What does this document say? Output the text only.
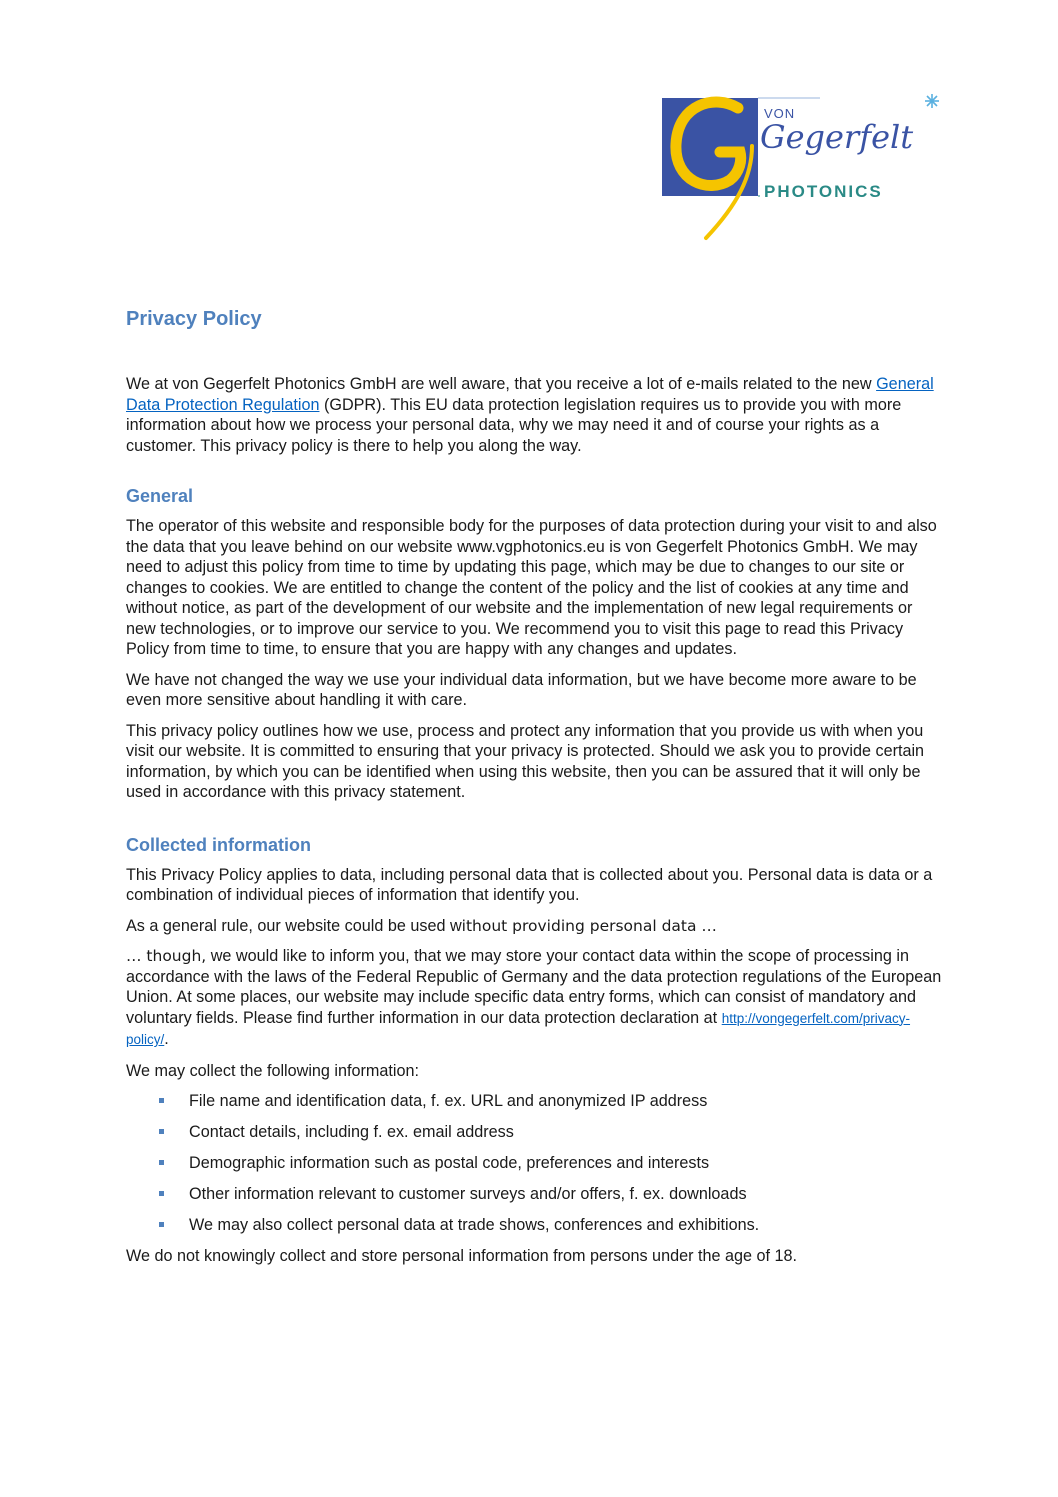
VON
Gegerfelt
PHOTONICS
Privacy Policy

We at von Gegerfelt Photonics GmbH are well aware, that you receive a lot of e-mails related to the new General Data Protection Regulation (GDPR). This EU data protection legislation requires us to provide you with more information about how we process your personal data, why we may need it and of course your rights as a customer. This privacy policy is there to help you along the way.

General

The operator of this website and responsible body for the purposes of data protection during your visit to and also the data that you leave behind on our website www.vgphotonics.eu is von Gegerfelt Photonics GmbH. We may need to adjust this policy from time to time by updating this page, which may be due to changes to our site or changes to cookies. We are entitled to change the content of the policy and the list of cookies at any time and without notice, as part of the development of our website and the implementation of new legal requirements or new technologies, or to improve our service to you. We recommend you to visit this page to read this Privacy Policy from time to time, to ensure that you are happy with any changes and updates.

We have not changed the way we use your individual data information, but we have become more aware to be even more sensitive about handling it with care.

This privacy policy outlines how we use, process and protect any information that you provide us with when you visit our website. It is committed to ensuring that your privacy is protected. Should we ask you to provide certain information, by which you can be identified when using this website, then you can be assured that it will only be used in accordance with this privacy statement.

Collected information

This Privacy Policy applies to data, including personal data that is collected about you. Personal data is data or a combination of individual pieces of information that identify you.

As a general rule, our website could be used without providing personal data …

… though, we would like to inform you, that we may store your contact data within the scope of processing in accordance with the laws of the Federal Republic of Germany and the data protection regulations of the European Union. At some places, our website may include specific data entry forms, which can consist of mandatory and voluntary fields. Please find further information in our data protection declaration at http://vongegerfelt.com/privacy-policy/.

We may collect the following information:

File name and identification data, f. ex. URL and anonymized IP address
Contact details, including f. ex. email address
Demographic information such as postal code, preferences and interests
Other information relevant to customer surveys and/or offers, f. ex. downloads
We may also collect personal data at trade shows, conferences and exhibitions.

We do not knowingly collect and store personal information from persons under the age of 18.
